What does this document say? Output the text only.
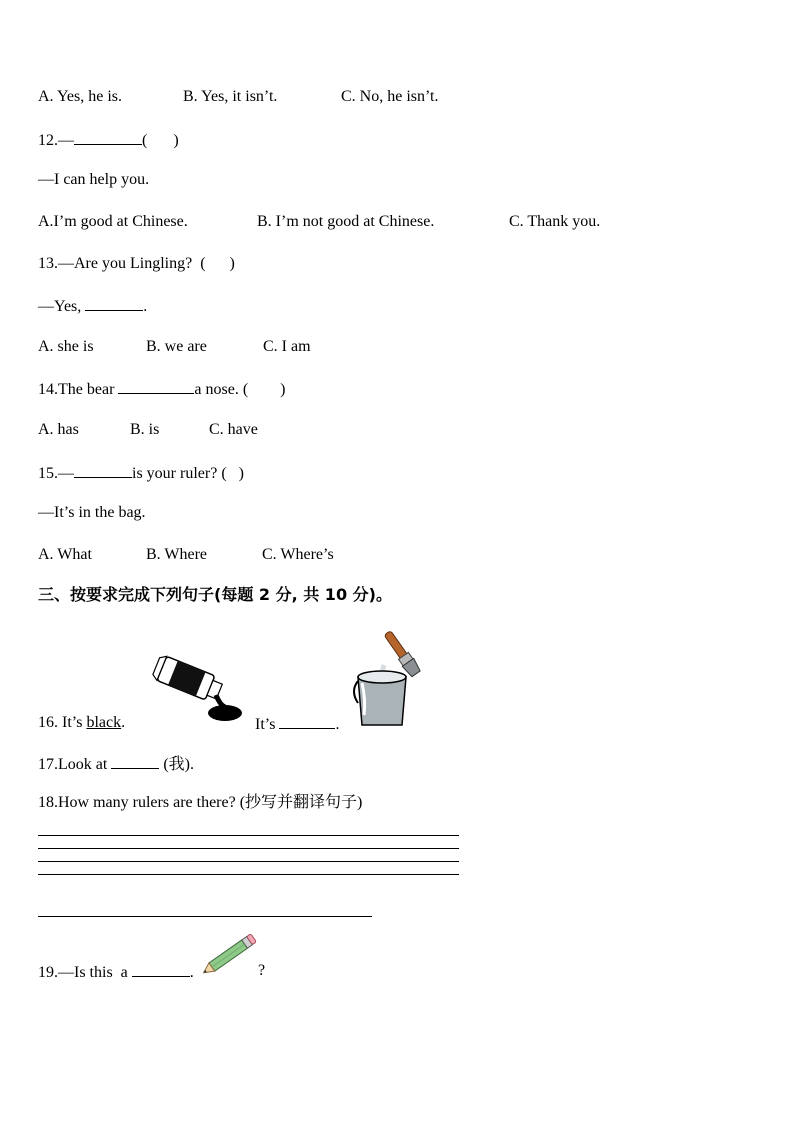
A. Yes, he is.	B. Yes, it isn’t.	C. No, he isn’t.
12.—	( )
—I can help you.
A.I’m good at Chinese.	B. I’m not good at Chinese.	C. Thank you.
13.—Are you Lingling? (      )
—Yes,	.
A. she is	B. we are	C. I am
14.The bear	a nose. (        )
A. has	B. is	C. have
15.—	is your ruler? (   )
—It’s in the bag.
A. What	B. Where	C. Where’s
三、按要求完成下列句子(每题 2 分, 共 10 分)。
16. It’s black.	It’s	.
17.Look at	(我).
18.How many rulers are there? (抄写并翻译句子)
19.—Is this  a	.	?
